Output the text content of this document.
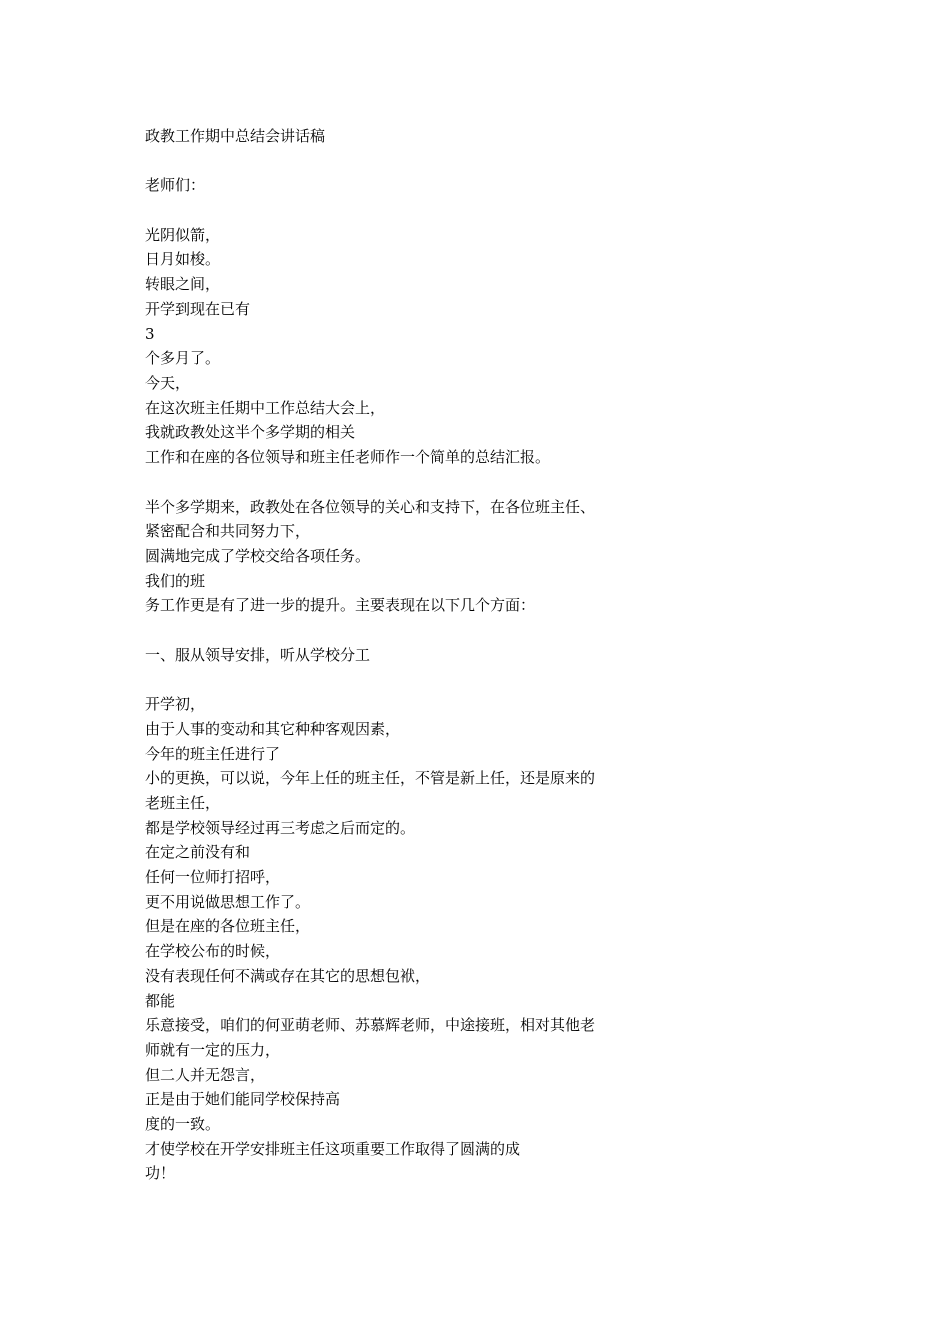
政教工作期中总结会讲话稿
老师们：
光阴似箭，
日月如梭。
转眼之间，
开学到现在已有
3
个多月了。
今天，
在这次班主任期中工作总结大会上，
我就政教处这半个多学期的相关
工作和在座的各位领导和班主任老师作一个简单的总结汇报。
半个多学期来，政教处在各位领导的关心和支持下，在各位班主任、
紧密配合和共同努力下，
圆满地完成了学校交给各项任务。
我们的班
务工作更是有了进一步的提升。主要表现在以下几个方面：
一、服从领导安排，听从学校分工
开学初，
由于人事的变动和其它种种客观因素，
今年的班主任进行了
小的更换，可以说，今年上任的班主任，不管是新上任，还是原来的
老班主任，
都是学校领导经过再三考虑之后而定的。
在定之前没有和
任何一位师打招呼，
更不用说做思想工作了。
但是在座的各位班主任，
在学校公布的时候，
没有表现任何不满或存在其它的思想包袱，
都能
乐意接受，咱们的何亚萌老师、苏慕辉老师，中途接班，相对其他老
师就有一定的压力，
但二人并无怨言，
正是由于她们能同学校保持高
度的一致。
才使学校在开学安排班主任这项重要工作取得了圆满的成
功！
